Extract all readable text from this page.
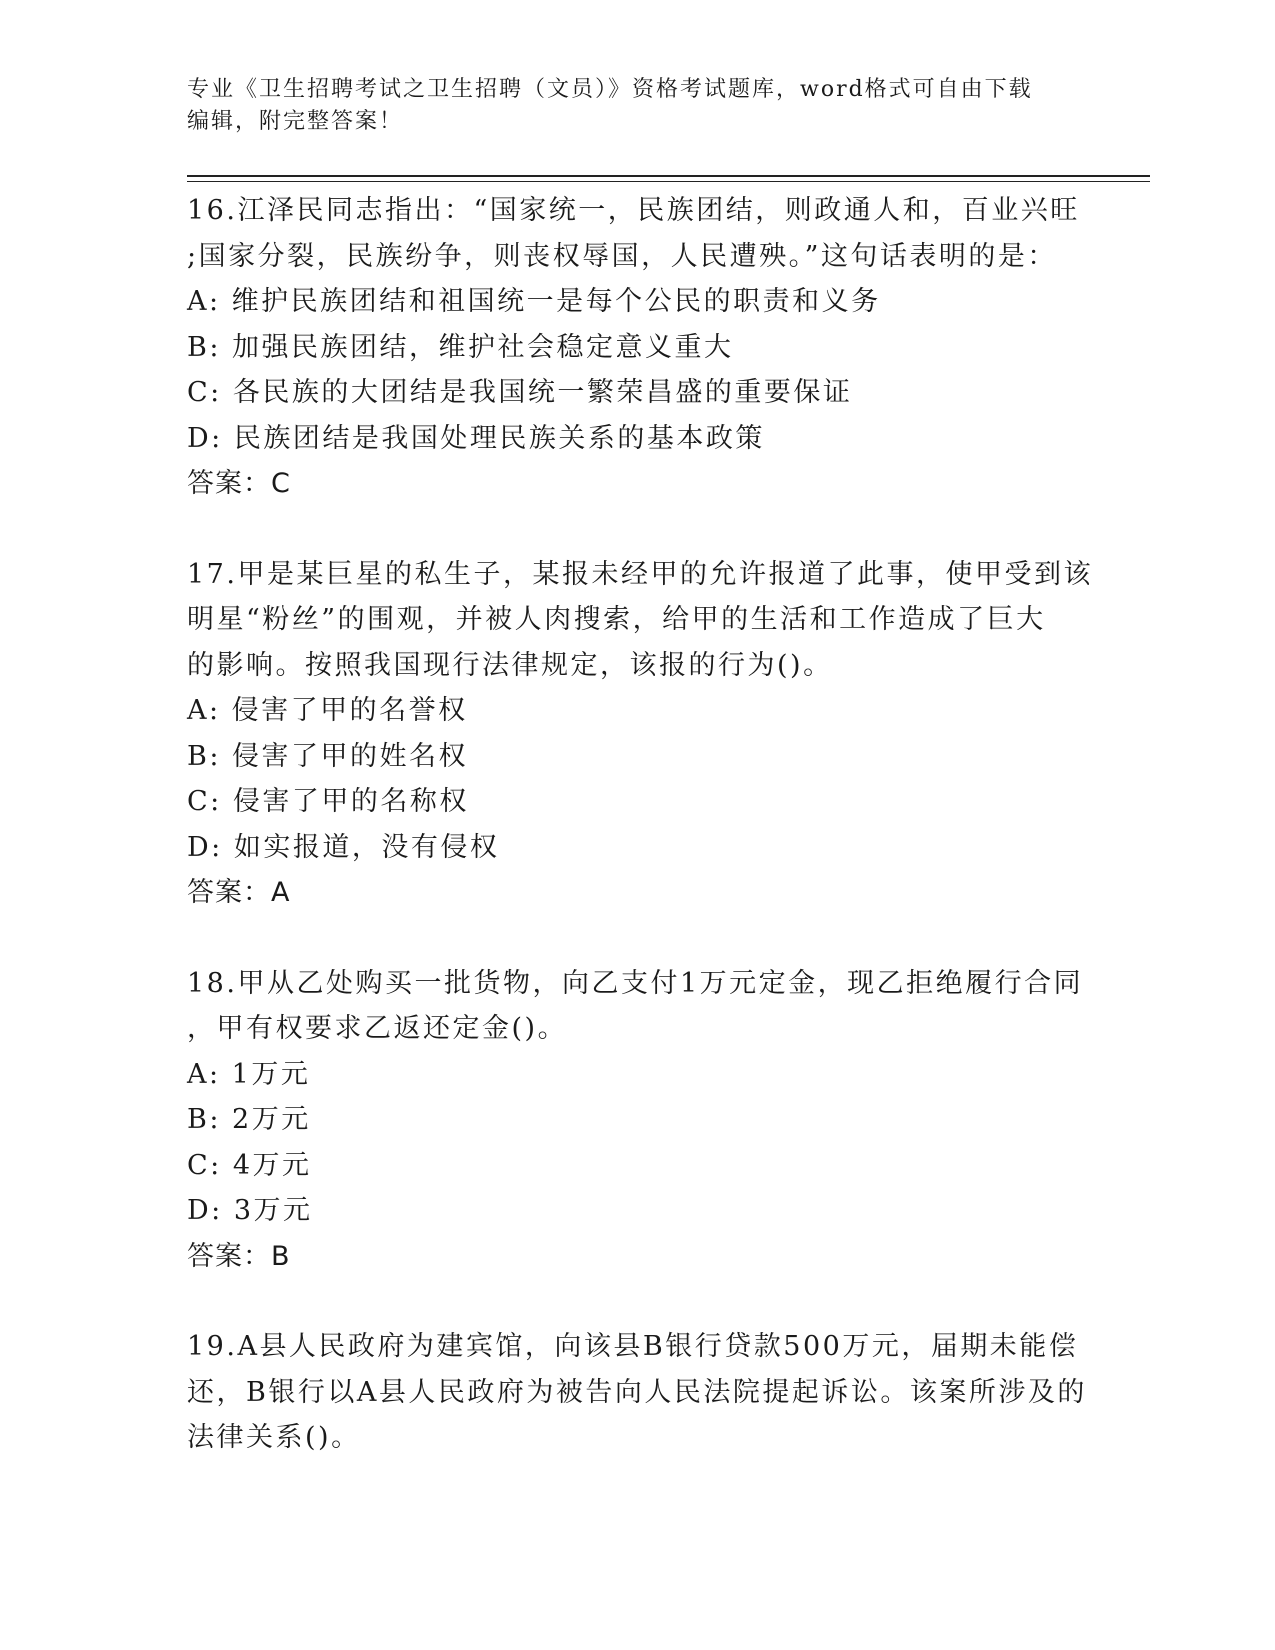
专业《卫生招聘考试之卫生招聘（文员）》资格考试题库，word格式可自由下载
编辑，附完整答案！
16.江泽民同志指出：“国家统一，民族团结，则政通人和，百业兴旺
;国家分裂，民族纷争，则丧权辱国，人民遭殃。”这句话表明的是：
A: 维护民族团结和祖国统一是每个公民的职责和义务
B: 加强民族团结，维护社会稳定意义重大
C: 各民族的大团结是我国统一繁荣昌盛的重要保证
D: 民族团结是我国处理民族关系的基本政策
答案：C
17.甲是某巨星的私生子，某报未经甲的允许报道了此事，使甲受到该
明星“粉丝”的围观，并被人肉搜索，给甲的生活和工作造成了巨大
的影响。按照我国现行法律规定，该报的行为()。
A: 侵害了甲的名誉权
B: 侵害了甲的姓名权
C: 侵害了甲的名称权
D: 如实报道，没有侵权
答案：A
18.甲从乙处购买一批货物，向乙支付1万元定金，现乙拒绝履行合同
，甲有权要求乙返还定金()。
A: 1万元
B: 2万元
C: 4万元
D: 3万元
答案：B
19.A县人民政府为建宾馆，向该县B银行贷款500万元，届期未能偿
还，B银行以A县人民政府为被告向人民法院提起诉讼。该案所涉及的
法律关系()。
